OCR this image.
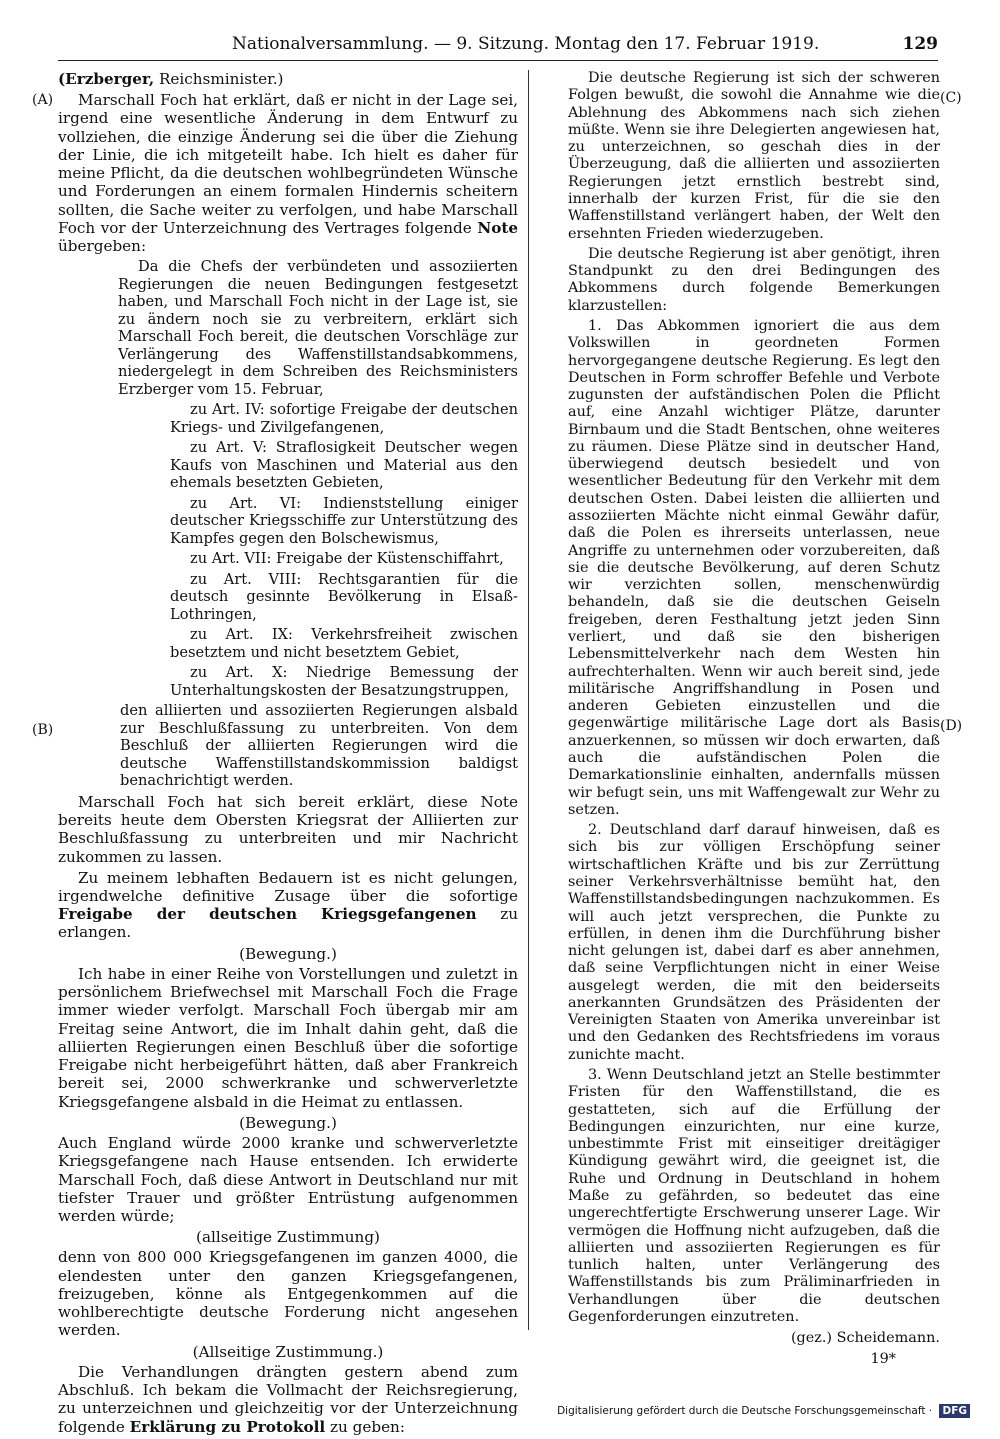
Nationalversammlung. — 9. Sitzung. Montag den 17. Februar 1919.	129
(A)
(B)
(C)
(D)

(Erzberger, Reichsminister.)

Marschall Foch hat erklärt, daß er nicht in der Lage sei, irgend eine wesentliche Änderung in dem Entwurf zu vollziehen, die einzige Änderung sei die über die Ziehung der Linie, die ich mitgeteilt habe. Ich hielt es daher für meine Pflicht, da die deutschen wohlbegründeten Wünsche und Forderungen an einem formalen Hindernis scheitern sollten, die Sache weiter zu verfolgen, und habe Marschall Foch vor der Unterzeichnung des Vertrages folgende Note übergeben:

Da die Chefs der verbündeten und assoziierten Regierungen die neuen Bedingungen festgesetzt haben, und Marschall Foch nicht in der Lage ist, sie zu ändern noch sie zu verbreitern, erklärt sich Marschall Foch bereit, die deutschen Vorschläge zur Verlängerung des Waffenstillstandsabkommens, niedergelegt in dem Schreiben des Reichsministers Erzberger vom 15. Februar,

zu Art. IV: sofortige Freigabe der deutschen Kriegs- und Zivilgefangenen,

zu Art. V: Straflosigkeit Deutscher wegen Kaufs von Maschinen und Material aus den ehemals besetzten Gebieten,

zu Art. VI: Indienststellung einiger deutscher Kriegsschiffe zur Unterstützung des Kampfes gegen den Bolschewismus,

zu Art. VII: Freigabe der Küstenschiffahrt,

zu Art. VIII: Rechtsgarantien für die deutsch gesinnte Bevölkerung in Elsaß-Lothringen,

zu Art. IX: Verkehrsfreiheit zwischen besetztem und nicht besetztem Gebiet,

zu Art. X: Niedrige Bemessung der Unterhaltungskosten der Besatzungstruppen,

den alliierten und assoziierten Regierungen alsbald zur Beschlußfassung zu unterbreiten. Von dem Beschluß der alliierten Regierungen wird die deutsche Waffenstillstandskommission baldigst benachrichtigt werden.

Marschall Foch hat sich bereit erklärt, diese Note bereits heute dem Obersten Kriegsrat der Alliierten zur Beschlußfassung zu unterbreiten und mir Nachricht zukommen zu lassen.

Zu meinem lebhaften Bedauern ist es nicht gelungen, irgendwelche definitive Zusage über die sofortige Freigabe der deutschen Kriegsgefangenen zu erlangen.

(Bewegung.)

Ich habe in einer Reihe von Vorstellungen und zuletzt in persönlichem Briefwechsel mit Marschall Foch die Frage immer wieder verfolgt. Marschall Foch übergab mir am Freitag seine Antwort, die im Inhalt dahin geht, daß die alliierten Regierungen einen Beschluß über die sofortige Freigabe nicht herbeigeführt hätten, daß aber Frankreich bereit sei, 2000 schwerkranke und schwerverletzte Kriegsgefangene alsbald in die Heimat zu entlassen.

(Bewegung.)

Auch England würde 2000 kranke und schwerverletzte Kriegsgefangene nach Hause entsenden. Ich erwiderte Marschall Foch, daß diese Antwort in Deutschland nur mit tiefster Trauer und größter Entrüstung aufgenommen werden würde;

(allseitige Zustimmung)

denn von 800 000 Kriegsgefangenen im ganzen 4000, die elendesten unter den ganzen Kriegsgefangenen, freizugeben, könne als Entgegenkommen auf die wohlberechtigte deutsche Forderung nicht angesehen werden.

(Allseitige Zustimmung.)

Die Verhandlungen drängten gestern abend zum Abschluß. Ich bekam die Vollmacht der Reichsregierung, zu unterzeichnen und gleichzeitig vor der Unterzeichnung folgende Erklärung zu Protokoll zu geben:

Die deutsche Regierung ist sich der schweren Folgen bewußt, die sowohl die Annahme wie die Ablehnung des Abkommens nach sich ziehen müßte. Wenn sie ihre Delegierten angewiesen hat, zu unterzeichnen, so geschah dies in der Überzeugung, daß die alliierten und assoziierten Regierungen jetzt ernstlich bestrebt sind, innerhalb der kurzen Frist, für die sie den Waffenstillstand verlängert haben, der Welt den ersehnten Frieden wiederzugeben.

Die deutsche Regierung ist aber genötigt, ihren Standpunkt zu den drei Bedingungen des Abkommens durch folgende Bemerkungen klarzustellen:

1. Das Abkommen ignoriert die aus dem Volkswillen in geordneten Formen hervorgegangene deutsche Regierung. Es legt den Deutschen in Form schroffer Befehle und Verbote zugunsten der aufständischen Polen die Pflicht auf, eine Anzahl wichtiger Plätze, darunter Birnbaum und die Stadt Bentschen, ohne weiteres zu räumen. Diese Plätze sind in deutscher Hand, überwiegend deutsch besiedelt und von wesentlicher Bedeutung für den Verkehr mit dem deutschen Osten. Dabei leisten die alliierten und assoziierten Mächte nicht einmal Gewähr dafür, daß die Polen es ihrerseits unterlassen, neue Angriffe zu unternehmen oder vorzubereiten, daß sie die deutsche Bevölkerung, auf deren Schutz wir verzichten sollen, menschenwürdig behandeln, daß sie die deutschen Geiseln freigeben, deren Festhaltung jetzt jeden Sinn verliert, und daß sie den bisherigen Lebensmittelverkehr nach dem Westen hin aufrechterhalten. Wenn wir auch bereit sind, jede militärische Angriffshandlung in Posen und anderen Gebieten einzustellen und die gegenwärtige militärische Lage dort als Basis anzuerkennen, so müssen wir doch erwarten, daß auch die aufständischen Polen die Demarkationslinie einhalten, andernfalls müssen wir befugt sein, uns mit Waffengewalt zur Wehr zu setzen.

2. Deutschland darf darauf hinweisen, daß es sich bis zur völligen Erschöpfung seiner wirtschaftlichen Kräfte und bis zur Zerrüttung seiner Verkehrsverhältnisse bemüht hat, den Waffenstillstandsbedingungen nachzukommen. Es will auch jetzt versprechen, die Punkte zu erfüllen, in denen ihm die Durchführung bisher nicht gelungen ist, dabei darf es aber annehmen, daß seine Verpflichtungen nicht in einer Weise ausgelegt werden, die mit den beiderseits anerkannten Grundsätzen des Präsidenten der Vereinigten Staaten von Amerika unvereinbar ist und den Gedanken des Rechtsfriedens im voraus zunichte macht.

3. Wenn Deutschland jetzt an Stelle bestimmter Fristen für den Waffenstillstand, die es gestatteten, sich auf die Erfüllung der Bedingungen einzurichten, nur eine kurze, unbestimmte Frist mit einseitiger dreitägiger Kündigung gewährt wird, die geeignet ist, die Ruhe und Ordnung in Deutschland in hohem Maße zu gefährden, so bedeutet das eine ungerechtfertigte Erschwerung unserer Lage. Wir vermögen die Hoffnung nicht aufzugeben, daß die alliierten und assoziierten Regierungen es für tunlich halten, unter Verlängerung des Waffenstillstands bis zum Präliminarfrieden in Verhandlungen über die deutschen Gegenforderungen einzutreten.

(gez.) Scheidemann.

19*

Digitalisierung gefördert durch die Deutsche Forschungsgemeinschaft · DFG
